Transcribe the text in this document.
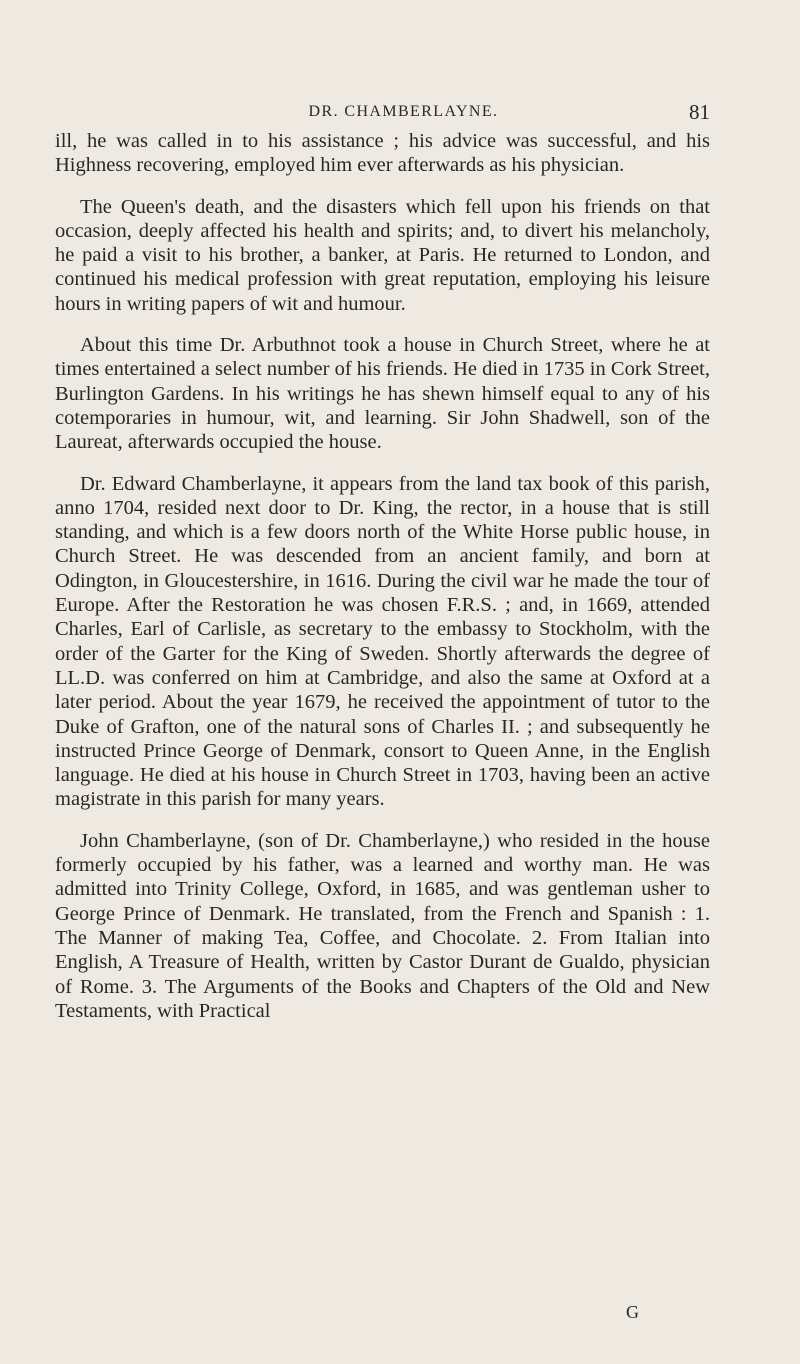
DR. CHAMBERLAYNE.	81

ill, he was called in to his assistance ; his advice was successful, and his Highness recovering, employed him ever afterwards as his physician.

The Queen's death, and the disasters which fell upon his friends on that occasion, deeply affected his health and spirits; and, to divert his melancholy, he paid a visit to his brother, a banker, at Paris. He returned to London, and continued his medical profession with great reputation, employing his leisure hours in writing papers of wit and humour.

About this time Dr. Arbuthnot took a house in Church Street, where he at times entertained a select number of his friends. He died in 1735 in Cork Street, Burlington Gardens. In his writings he has shewn himself equal to any of his cotemporaries in humour, wit, and learning. Sir John Shadwell, son of the Laureat, afterwards occupied the house.

Dr. Edward Chamberlayne, it appears from the land tax book of this parish, anno 1704, resided next door to Dr. King, the rector, in a house that is still standing, and which is a few doors north of the White Horse public house, in Church Street. He was descended from an ancient family, and born at Odington, in Gloucestershire, in 1616. During the civil war he made the tour of Europe. After the Restoration he was chosen F.R.S. ; and, in 1669, attended Charles, Earl of Carlisle, as secretary to the embassy to Stockholm, with the order of the Garter for the King of Sweden. Shortly afterwards the degree of LL.D. was conferred on him at Cambridge, and also the same at Oxford at a later period. About the year 1679, he received the appointment of tutor to the Duke of Grafton, one of the natural sons of Charles II. ; and subsequently he instructed Prince George of Denmark, consort to Queen Anne, in the English language. He died at his house in Church Street in 1703, having been an active magistrate in this parish for many years.

John Chamberlayne, (son of Dr. Chamberlayne,) who resided in the house formerly occupied by his father, was a learned and worthy man. He was admitted into Trinity College, Oxford, in 1685, and was gentleman usher to George Prince of Denmark. He translated, from the French and Spanish : 1. The Manner of making Tea, Coffee, and Chocolate. 2. From Italian into English, A Treasure of Health, written by Castor Durant de Gualdo, physician of Rome. 3. The Arguments of the Books and Chapters of the Old and New Testaments, with Practical

G
